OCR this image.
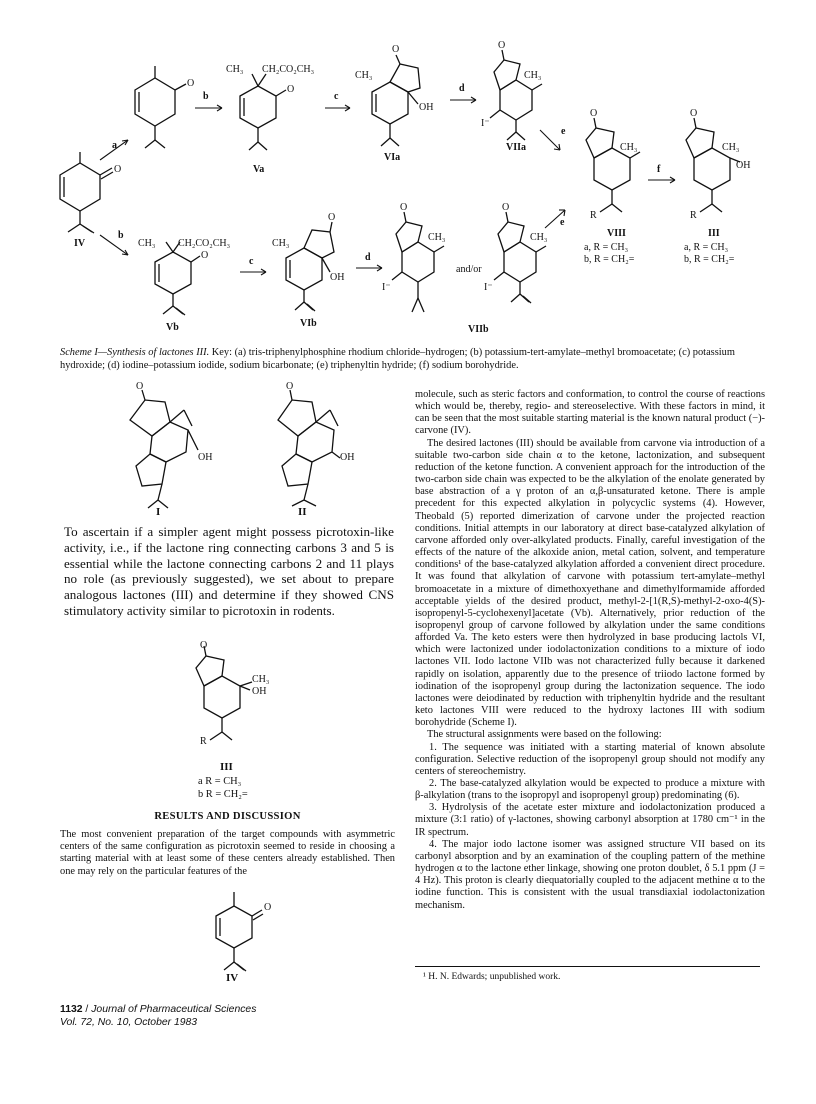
O
IV
a
b
O
b
CH₃ CH₂CO₂CH₃
O
Va
c
O
CH₃
OH
VIa
d
O
CH₃
I⁻
VIIa
e
e
O
CH₃
R
VIII
a, R = CH₃
b, R = CH₂=
f
O
CH₃
OH
R
III
a, R = CH₃
b, R = CH₂=
CH₃ CH₂CO₂CH₃
O
Vb
c
O
CH₃
OH
VIb
d
O
CH₃
I⁻
and/or
O
CH₃
I⁻
VIIb
Scheme I—Synthesis of lactones III. Key: (a) tris-triphenylphosphine rhodium chloride–hydrogen; (b) potassium-tert-amylate–methyl bromoacetate; (c) potassium hydroxide; (d) iodine–potassium iodide, sodium bicarbonate; (e) triphenyltin hydride; (f) sodium borohydride.
O
OH
O
OH
I	II
To ascertain if a simpler agent might possess picrotoxin-like activity, i.e., if the lactone ring connecting carbons 3 and 5 is essential while the lactone connecting carbons 2 and 11 plays no role (as previously suggested), we set about to prepare analogous lactones (III) and determine if they showed CNS stimulatory activity similar to picrotoxin in rodents.
O
CH₃
OH
R
III
a R = CH₃
b R = CH₂=
RESULTS AND DISCUSSION
The most convenient preparation of the target compounds with asymmetric centers of the same configuration as picrotoxin seemed to reside in choosing a starting material with at least some of these centers already established. Then one may rely on the particular features of the
O
IV

molecule, such as steric factors and conformation, to control the course of reactions which would be, thereby, regio- and stereoselective. With these factors in mind, it can be seen that the most suitable starting material is the known natural product (−)-carvone (IV).

The desired lactones (III) should be available from carvone via introduction of a suitable two-carbon side chain α to the ketone, lactonization, and subsequent reduction of the ketone function. A convenient approach for the introduction of the two-carbon side chain was expected to be the alkylation of the enolate generated by base abstraction of a γ proton of an α,β-unsaturated ketone. There is ample precedent for this expected alkylation in polycyclic systems (4). However, Theobald (5) reported dimerization of carvone under the projected reaction conditions. Initial attempts in our laboratory at direct base-catalyzed alkylation of carvone afforded only over-alkylated products. Finally, careful investigation of the effects of the nature of the alkoxide anion, metal cation, solvent, and temperature conditions¹ of the base-catalyzed alkylation afforded a convenient direct procedure. It was found that alkylation of carvone with potassium tert-amylate–methyl bromoacetate in a mixture of dimethoxyethane and dimethylformamide afforded acceptable yields of the desired product, methyl-2-[1(R,S)-methyl-2-oxo-4(S)-isopropenyl-5-cyclohexenyl]acetate (Vb). Alternatively, prior reduction of the isopropenyl group of carvone followed by alkylation under the same conditions afforded Va. The keto esters were then hydrolyzed in base producing lactols VI, which were lactonized under iodolactonization conditions to a mixture of iodo lactones VII. Iodo lactone VIIb was not characterized fully because it darkened rapidly on isolation, apparently due to the presence of triiodo lactone formed by iodination of the isopropenyl group during the lactonization sequence. The iodo lactones were deiodinated by reduction with triphenyltin hydride and the resultant keto lactones VIII were reduced to the hydroxy lactones III with sodium borohydride (Scheme I).

The structural assignments were based on the following:

1. The sequence was initiated with a starting material of known absolute configuration. Selective reduction of the isopropenyl group should not modify any centers of stereochemistry.

2. The base-catalyzed alkylation would be expected to produce a mixture with β-alkylation (trans to the isopropyl and isopropenyl group) predominating (6).

3. Hydrolysis of the acetate ester mixture and iodolactonization produced a mixture (3:1 ratio) of γ-lactones, showing carbonyl absorption at 1780 cm⁻¹ in the IR spectrum.

4. The major iodo lactone isomer was assigned structure VII based on its carbonyl absorption and by an examination of the coupling pattern of the methine hydrogen α to the lactone ether linkage, showing one proton doublet, δ 5.1 ppm (J = 4 Hz). This proton is clearly diequatorially coupled to the adjacent methine α to the iodine function. This is consistent with the usual transdiaxial iodolactonization mechanism.

¹ H. N. Edwards; unpublished work.
1132 / Journal of Pharmaceutical Sciences
Vol. 72, No. 10, October 1983
